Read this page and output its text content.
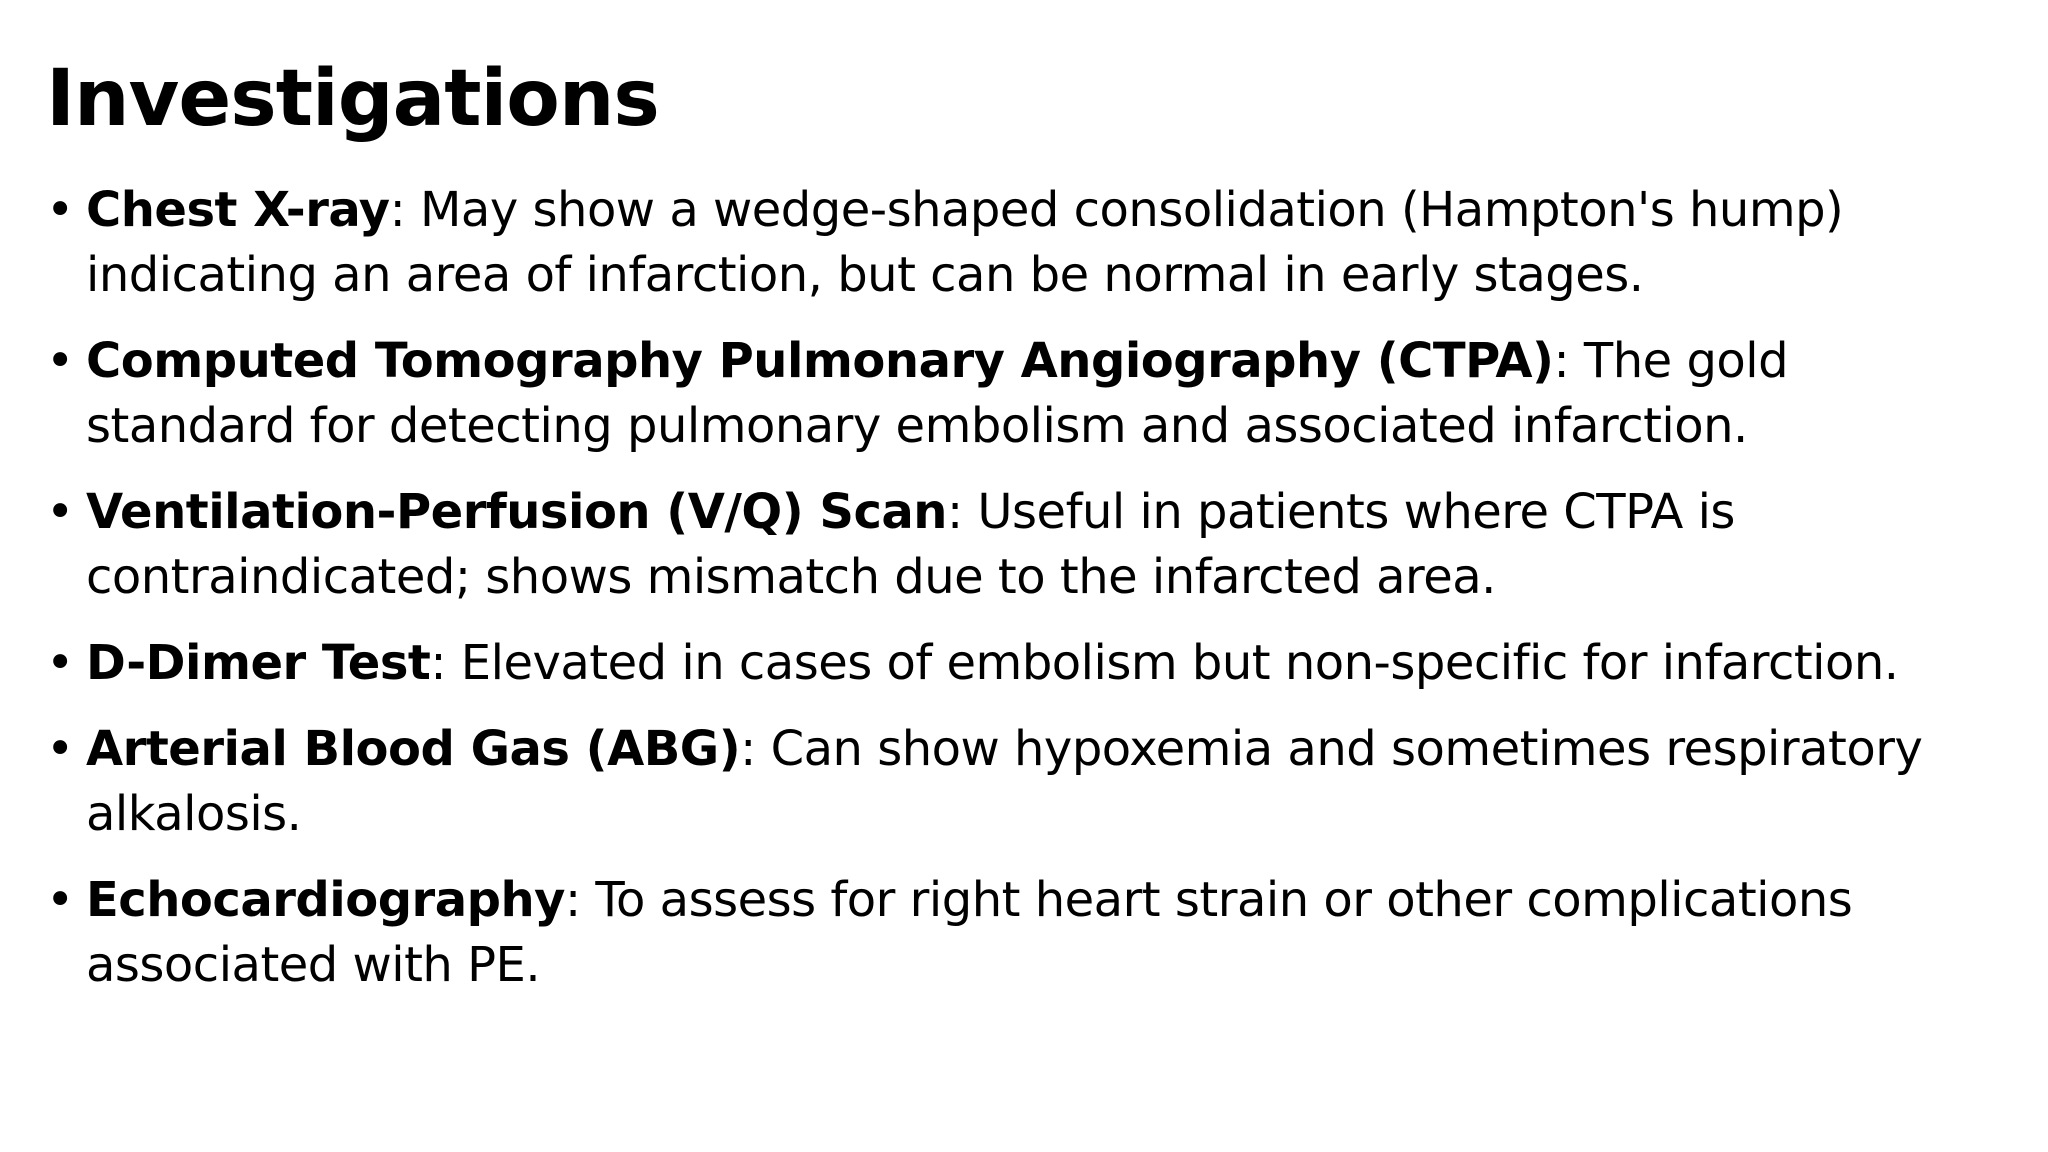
Investigations
• Chest X-ray: May show a wedge-shaped consolidation (Hampton's hump) indicating an area of infarction, but can be normal in early stages.
• Computed Tomography Pulmonary Angiography (CTPA): The gold standard for detecting pulmonary embolism and associated infarction.
• Ventilation-Perfusion (V/Q) Scan: Useful in patients where CTPA is contraindicated; shows mismatch due to the infarcted area.
• D-Dimer Test: Elevated in cases of embolism but non-specific for infarction.
• Arterial Blood Gas (ABG): Can show hypoxemia and sometimes respiratory alkalosis.
• Echocardiography: To assess for right heart strain or other complications associated with PE.
